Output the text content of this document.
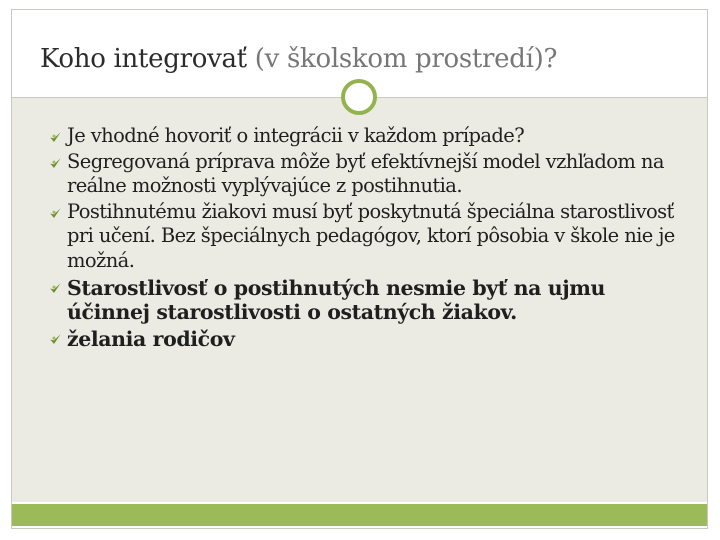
Koho integrovať (v školskom prostredí)?
Je vhodné hovoriť o integrácii v každom prípade?
Segregovaná príprava môže byť efektívnejší model vzhľadom na reálne možnosti vyplývajúce z postihnutia.
Postihnutému žiakovi musí byť poskytnutá špeciálna starostlivosť pri učení. Bez špeciálnych pedagógov, ktorí pôsobia v škole nie je možná.
Starostlivosť o postihnutých nesmie byť na ujmu účinnej starostlivosti o ostatných žiakov.
želania rodičov
